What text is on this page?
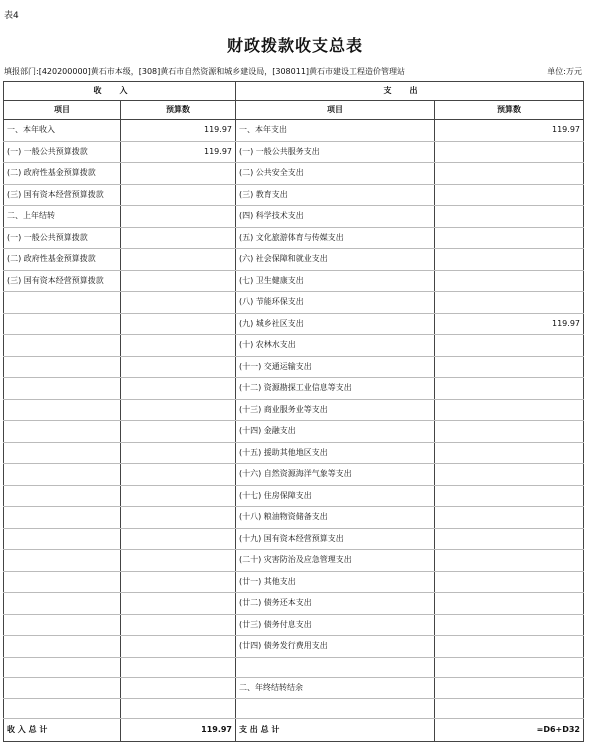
表4
财政拨款收支总表
填报部门:[420200000]黄石市本级，[308]黄石市自然资源和城乡建设局，[308011]黄石市建设工程造价管理站	单位:万元
收入		支出	
项目	预算数	项目	预算数
一、本年收入	119.97	一、本年支出	119.97
(一) 一般公共预算拨款	119.97	(一) 一般公共服务支出	
(二) 政府性基金预算拨款		(二) 公共安全支出	
(三) 国有资本经营预算拨款		(三) 教育支出	
二、上年结转		(四) 科学技术支出	
(一) 一般公共预算拨款		(五) 文化旅游体育与传媒支出	
(二) 政府性基金预算拨款		(六) 社会保障和就业支出	
(三) 国有资本经营预算拨款		(七) 卫生健康支出	
		(八) 节能环保支出	
		(九) 城乡社区支出	119.97
		(十) 农林水支出	
		(十一) 交通运输支出	
		(十二) 资源勘探工业信息等支出	
		(十三) 商业服务业等支出	
		(十四) 金融支出	
		(十五) 援助其他地区支出	
		(十六) 自然资源海洋气象等支出	
		(十七) 住房保障支出	
		(十八) 粮油物资储备支出	
		(十九) 国有资本经营预算支出	
		(二十) 灾害防治及应急管理支出	
		(廿一) 其他支出	
		(廿二) 债务还本支出	
		(廿三) 债务付息支出	
		(廿四) 债务发行费用支出	

		二、年终结转结余	

收 入 总 计	119.97	支 出 总 计	=D6+D32
